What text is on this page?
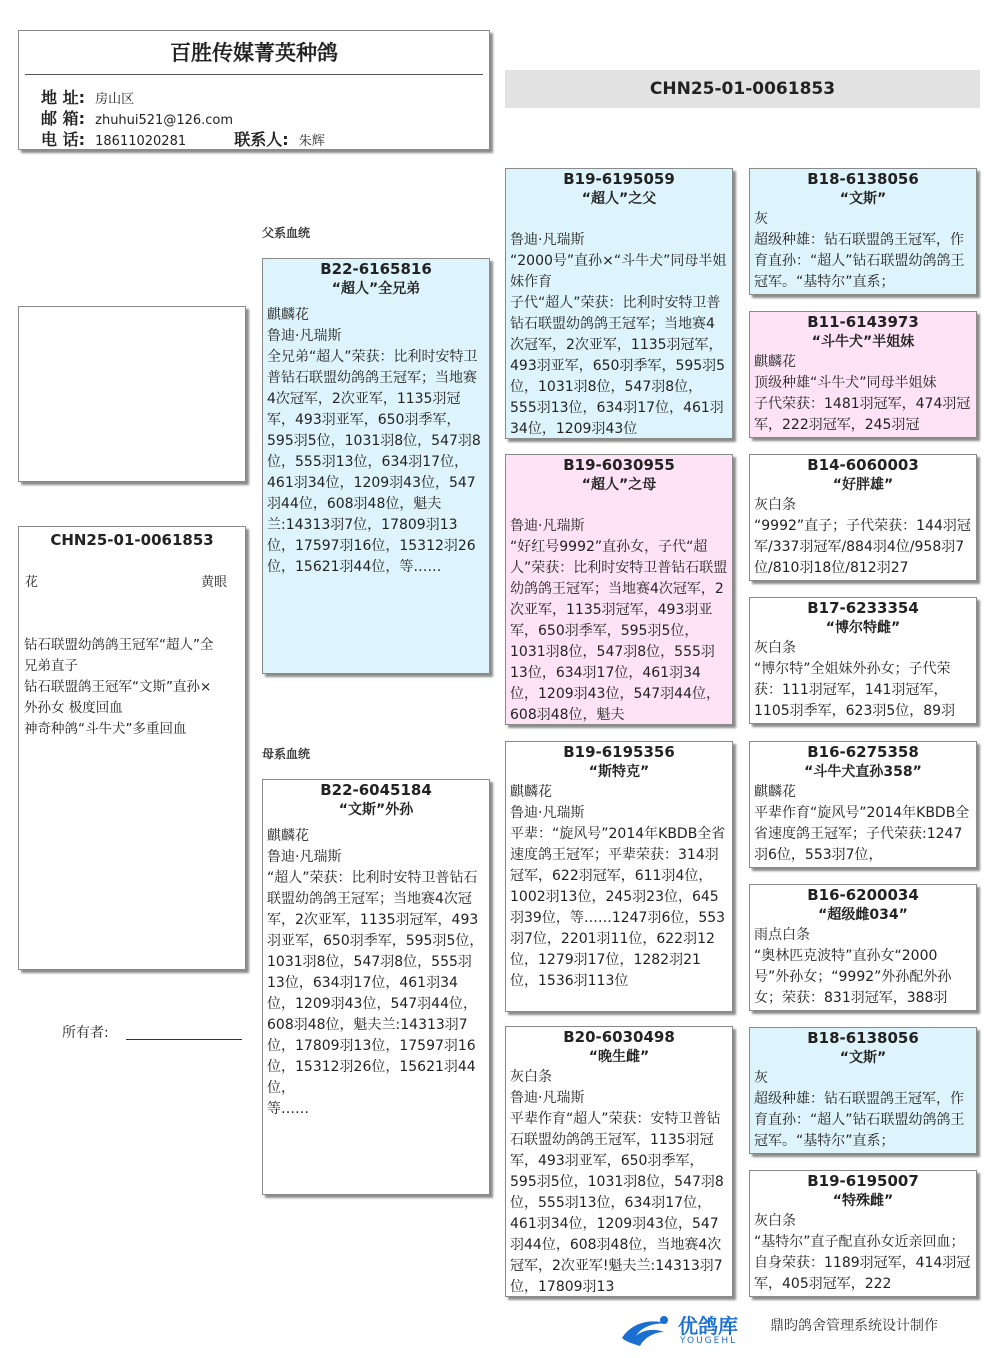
百胜传媒菁英种鸽
地 址: 房山区
邮 箱: zhuhui521@126.com
电 话: 18611020281	联系人: 朱辉
CHN25-01-0061853
CHN25-01-0061853
花	黄眼
钻石联盟幼鸽鸽王冠军“超人”全
兄弟直子
钻石联盟鸽王冠军“文斯”直孙×
外孙女 极度回血
神奇种鸽“斗牛犬”多重回血
所有者:
父系血统
母系血统
B22-6165816
“超人”全兄弟
麒麟花
鲁迪·凡瑞斯
全兄弟“超人”荣获：比利时安特卫普钻石联盟幼鸽鸽王冠军；当地赛4次冠军，2次亚军，1135羽冠军，493羽亚军，650羽季军，595羽5位，1031羽8位，547羽8位，555羽13位，634羽17位，461羽34位，1209羽43位，547羽44位，608羽48位，魁夫兰:14313羽7位，17809羽13位，17597羽16位，15312羽26位，15621羽44位，等……
B22-6045184
“文斯”外孙
麒麟花
鲁迪·凡瑞斯
“超人”荣获：比利时安特卫普钻石联盟幼鸽鸽王冠军；当地赛4次冠军，2次亚军，1135羽冠军，493羽亚军，650羽季军，595羽5位，1031羽8位，547羽8位，555羽13位，634羽17位，461羽34位，1209羽43位，547羽44位，608羽48位，魁夫兰:14313羽7位，17809羽13位，17597羽16位，15312羽26位，15621羽44位，
等……
B19-6195059
“超人”之父
鲁迪·凡瑞斯
“2000号”直孙×“斗牛犬”同母半姐妹作育
子代“超人”荣获：比利时安特卫普钻石联盟幼鸽鸽王冠军；当地赛4次冠军，2次亚军，1135羽冠军，493羽亚军，650羽季军，595羽5位，1031羽8位，547羽8位，555羽13位，634羽17位，461羽34位，1209羽43位
B19-6030955
“超人”之母
鲁迪·凡瑞斯
“好红号9992”直孙女，子代“超人”荣获：比利时安特卫普钻石联盟幼鸽鸽王冠军；当地赛4次冠军，2次亚军，1135羽冠军，493羽亚军，650羽季军，595羽5位，1031羽8位，547羽8位，555羽13位，634羽17位，461羽34位，1209羽43位，547羽44位，608羽48位，魁夫
B19-6195356
“斯特克”
麒麟花
鲁迪·凡瑞斯
平辈：“旋风号”2014年KBDB全省速度鸽王冠军；平辈荣获：314羽冠军，622羽冠军，611羽4位，1002羽13位，245羽23位，645羽39位，等……1247羽6位，553羽7位，2201羽11位，622羽12位，1279羽17位，1282羽21位，1536羽113位
B20-6030498
“晚生雌”
灰白条
鲁迪·凡瑞斯
平辈作育“超人”荣获：安特卫普钻石联盟幼鸽鸽王冠军，1135羽冠军，493羽亚军，650羽季军，595羽5位，1031羽8位，547羽8位，555羽13位，634羽17位，461羽34位，1209羽43位，547羽44位，608羽48位，当地赛4次冠军，2次亚军!魁夫兰:14313羽7位，17809羽13
B18-6138056
“文斯”
灰
超级种雄：钻石联盟鸽王冠军，作育直孙：“超人”钻石联盟幼鸽鸽王冠军。“基特尔”直系；
B11-6143973
“斗牛犬”半姐妹
麒麟花
顶级种雄“斗牛犬”同母半姐妹
子代荣获：1481羽冠军，474羽冠军，222羽冠军，245羽冠
B14-6060003
“好胖雄”
灰白条
“9992”直子；子代荣获：144羽冠军/337羽冠军/884羽4位/958羽7位/810羽18位/812羽27
B17-6233354
“博尔特雌”
灰白条
“博尔特”全姐妹外孙女；子代荣获：111羽冠军，141羽冠军，1105羽季军，623羽5位，89羽
B16-6275358
“斗牛犬直孙358”
麒麟花
平辈作育“旋风号”2014年KBDB全省速度鸽王冠军；子代荣获:1247羽6位，553羽7位，
B16-6200034
“超级雌034”
雨点白条
“奥林匹克波特”直孙女“2000号”外孙女；“9992”外孙配外孙女；荣获：831羽冠军，388羽
B18-6138056
“文斯”
灰
超级种雄：钻石联盟鸽王冠军，作育直孙：“超人”钻石联盟幼鸽鸽王冠军。“基特尔”直系；
B19-6195007
“特殊雌”
灰白条
“基特尔”直子配直孙女近亲回血；自身荣获：1189羽冠军，414羽冠军，405羽冠军，222
优鸽库
YOUGEHL
鼎昀鸽舍管理系统设计制作
